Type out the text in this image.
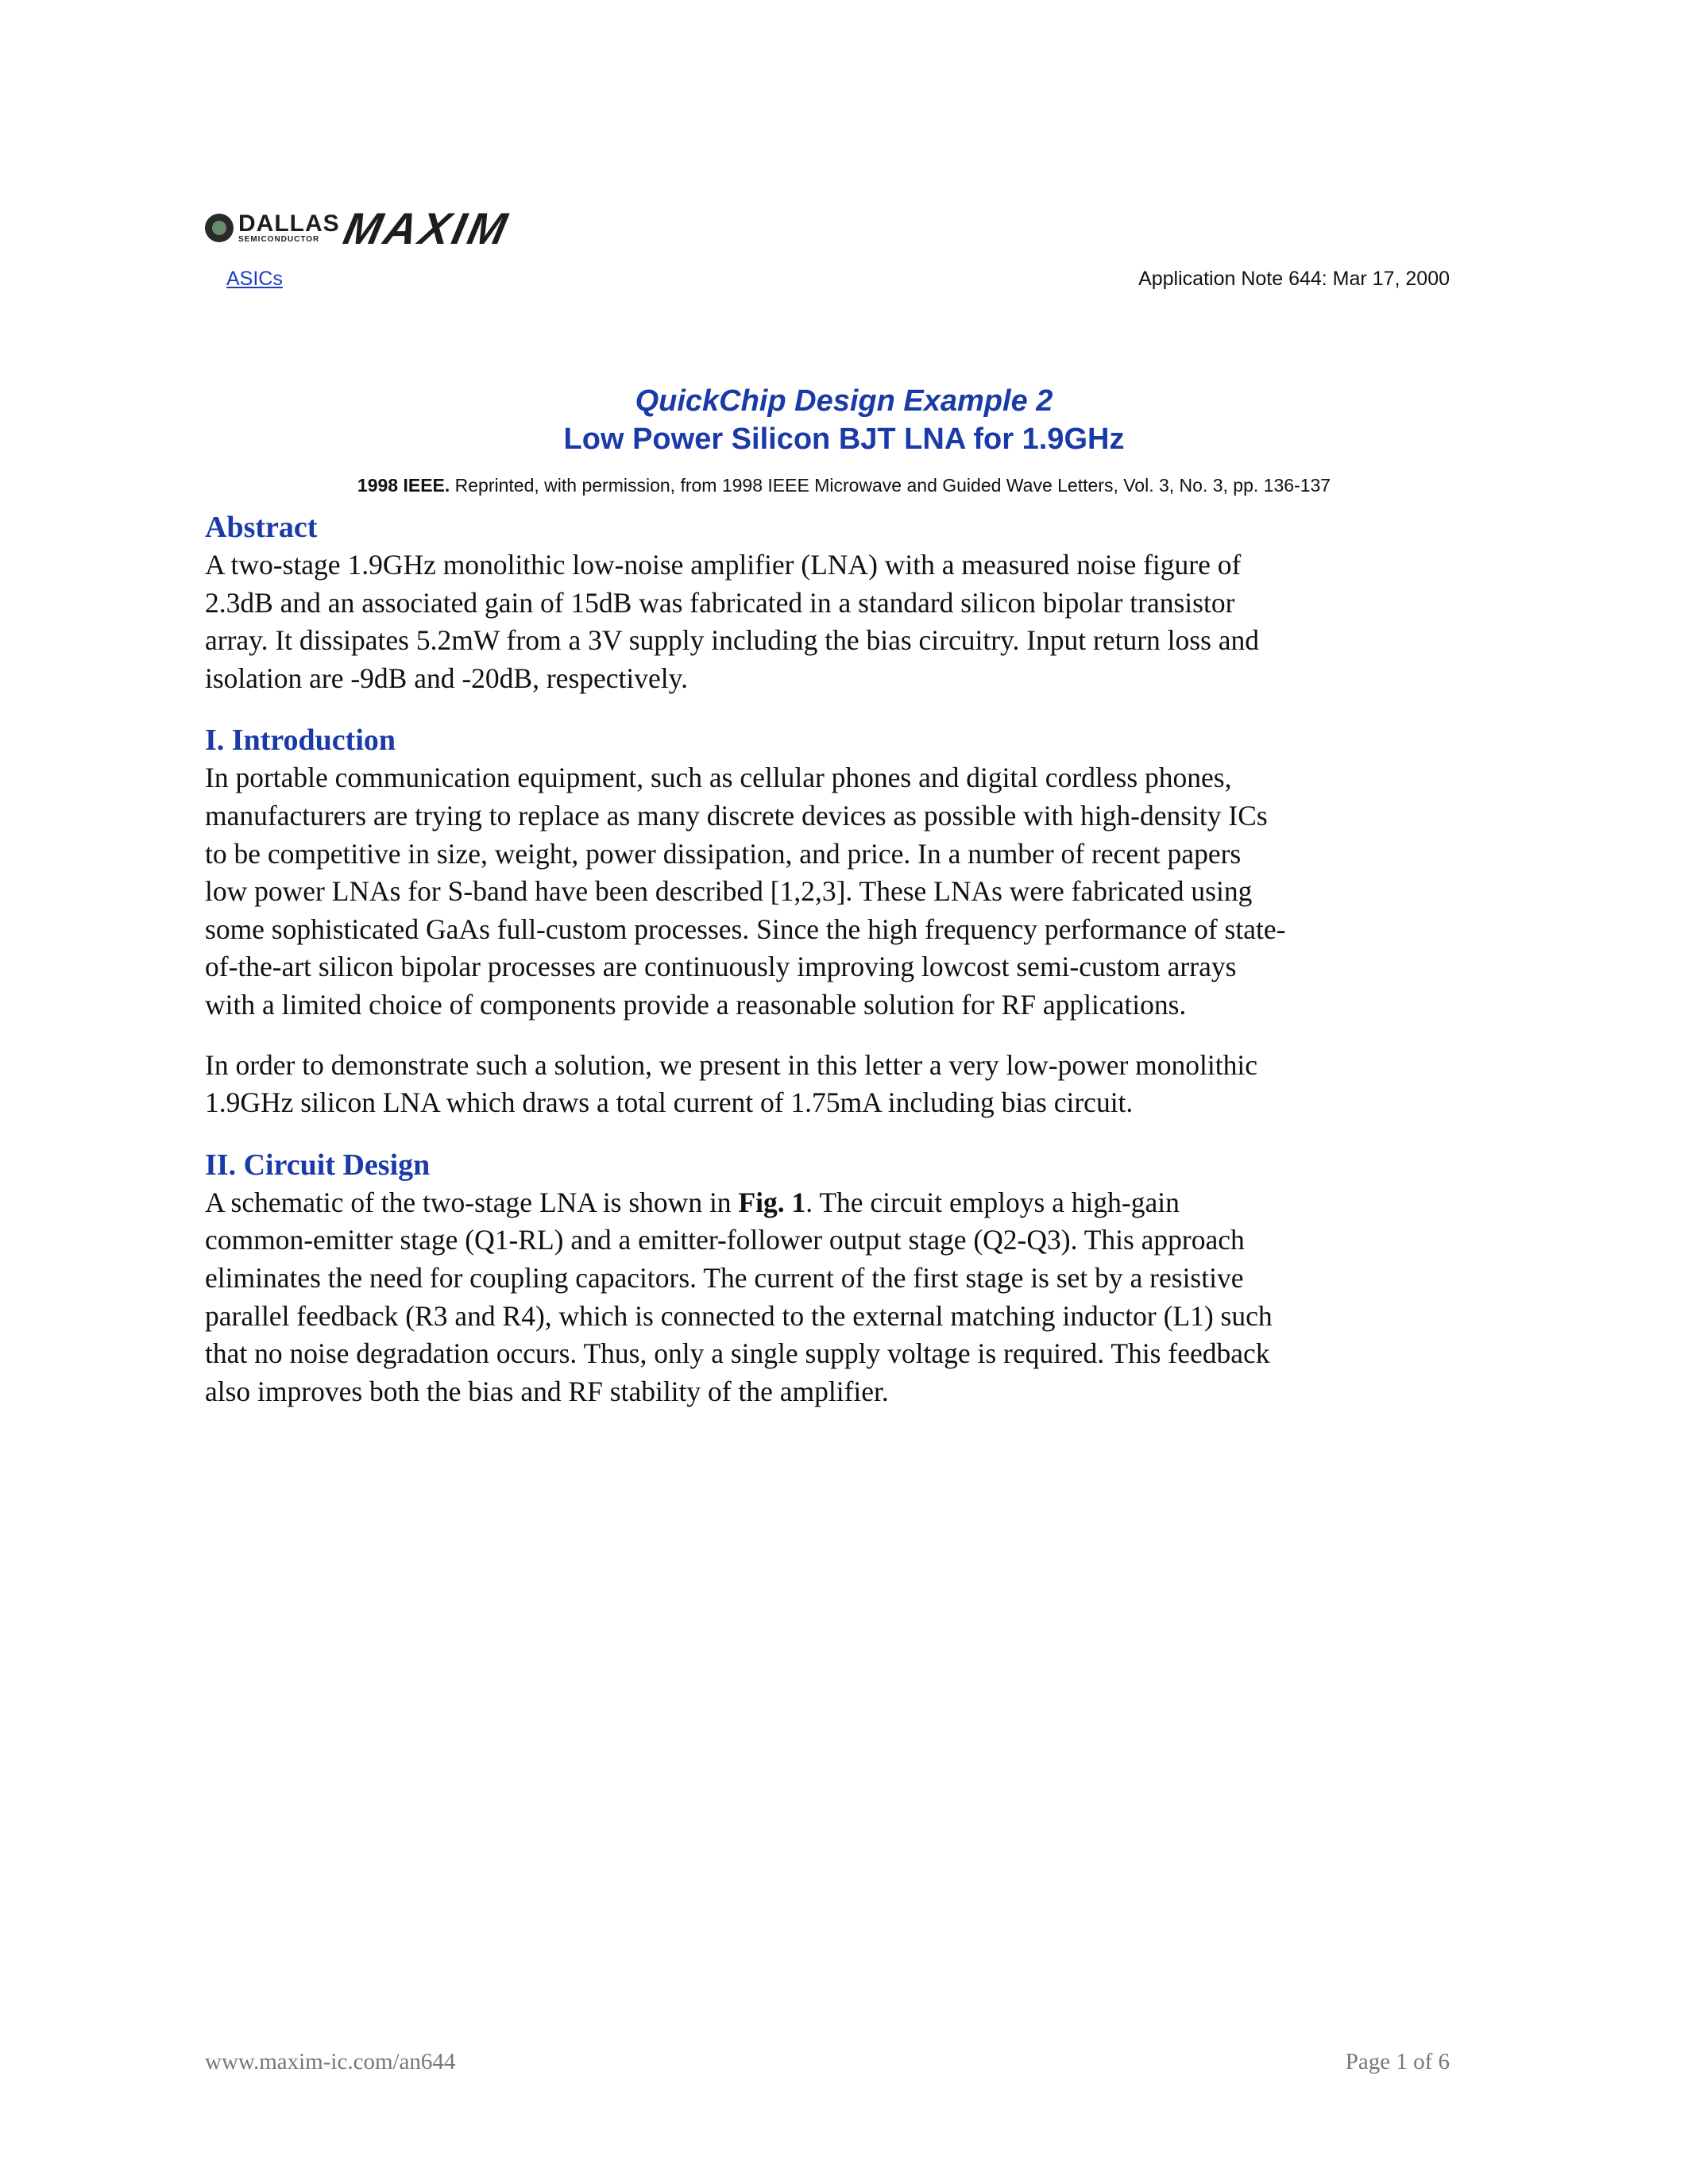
DALLAS
SEMICONDUCTOR MAXIM
ASICs	Application Note 644: Mar 17, 2000
QuickChip Design Example 2
Low Power Silicon BJT LNA for 1.9GHz
1998 IEEE. Reprinted, with permission, from 1998 IEEE Microwave and Guided Wave Letters, Vol. 3, No. 3, pp. 136-137
Abstract

A two-stage 1.9GHz monolithic low-noise amplifier (LNA) with a measured noise figure of
2.3dB and an associated gain of 15dB was fabricated in a standard silicon bipolar transistor
array. It dissipates 5.2mW from a 3V supply including the bias circuitry. Input return loss and
isolation are -9dB and -20dB, respectively.

I. Introduction

In portable communication equipment, such as cellular phones and digital cordless phones,
manufacturers are trying to replace as many discrete devices as possible with high-density ICs
to be competitive in size, weight, power dissipation, and price. In a number of recent papers
low power LNAs for S-band have been described [1,2,3]. These LNAs were fabricated using
some sophisticated GaAs full-custom processes. Since the high frequency performance of state-
of-the-art silicon bipolar processes are continuously improving lowcost semi-custom arrays
with a limited choice of components provide a reasonable solution for RF applications.

In order to demonstrate such a solution, we present in this letter a very low-power monolithic
1.9GHz silicon LNA which draws a total current of 1.75mA including bias circuit.

II. Circuit Design

A schematic of the two-stage LNA is shown in Fig. 1. The circuit employs a high-gain
common-emitter stage (Q1-RL) and a emitter-follower output stage (Q2-Q3). This approach
eliminates the need for coupling capacitors. The current of the first stage is set by a resistive
parallel feedback (R3 and R4), which is connected to the external matching inductor (L1) such
that no noise degradation occurs. Thus, only a single supply voltage is required. This feedback
also improves both the bias and RF stability of the amplifier.

www.maxim-ic.com/an644	Page 1 of 6
